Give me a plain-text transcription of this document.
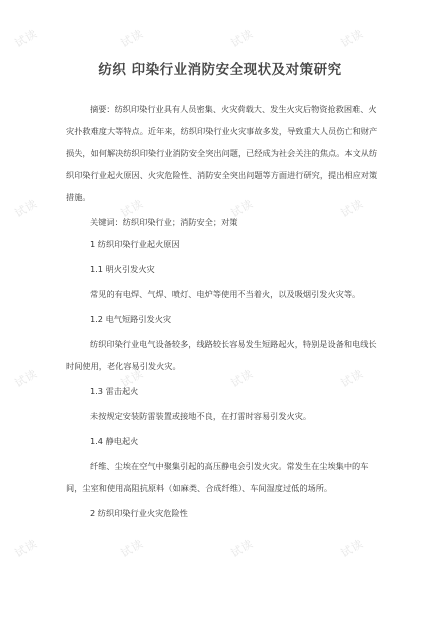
试读	试读	试读	试读
试读	试读	试读	试读
试读	试读	试读	试读
试读	试读	试读	试读
纺织 印染行业消防安全现状及对策研究

摘要：纺织印染行业具有人员密集、火灾荷载大、发生火灾后物资抢救困难、火灾扑救难度大等特点。近年来，纺织印染行业火灾事故多发，导致重大人员伤亡和财产损失，如何解决纺织印染行业消防安全突出问题，已经成为社会关注的焦点。本文从纺织印染行业起火原因、火灾危险性、消防安全突出问题等方面进行研究，提出相应对策措施。

关键词：纺织印染行业；消防安全；对策

1 纺织印染行业起火原因

1.1 明火引发火灾

常见的有电焊、气焊、喷灯、电炉等使用不当着火，以及吸烟引发火灾等。

1.2 电气短路引发火灾

纺织印染行业电气设备较多，线路较长容易发生短路起火，特别是设备和电线长时间使用，老化容易引发火灾。

1.3 雷击起火

未按规定安装防雷装置或接地不良，在打雷时容易引发火灾。

1.4 静电起火

纤维、尘埃在空气中聚集引起的高压静电会引发火灾。常发生在尘埃集中的车间，尘室和使用高阻抗原料（如麻类、合成纤维）、车间湿度过低的场所。

2 纺织印染行业火灾危险性
